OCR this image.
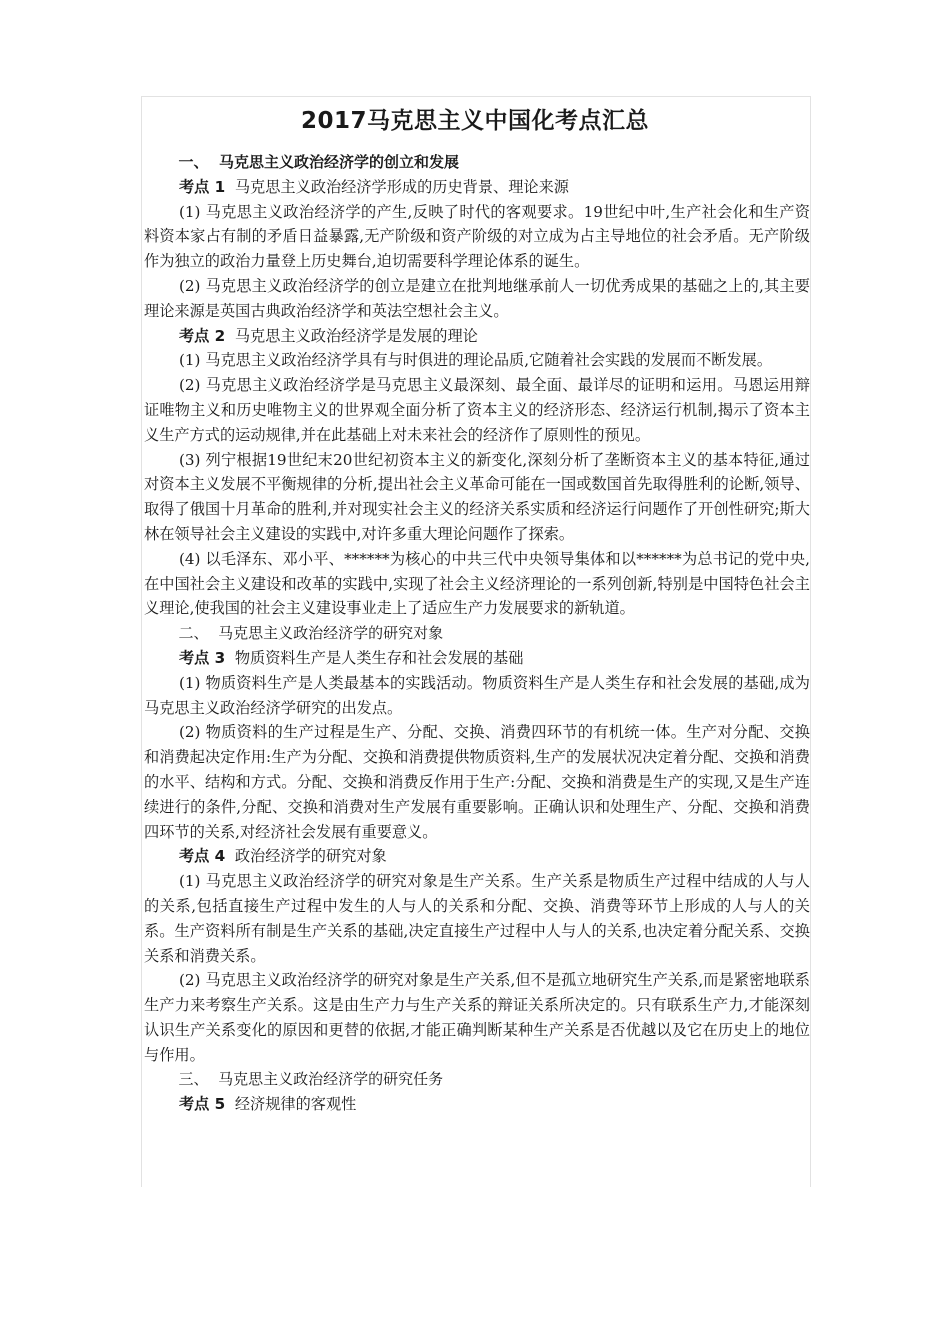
2017马克思主义中国化考点汇总

一、 马克思主义政治经济学的创立和发展

考点 1 马克思主义政治经济学形成的历史背景、理论来源

(1) 马克思主义政治经济学的产生,反映了时代的客观要求。19世纪中叶,生产社会化和生产资料资本家占有制的矛盾日益暴露,无产阶级和资产阶级的对立成为占主导地位的社会矛盾。无产阶级作为独立的政治力量登上历史舞台,迫切需要科学理论体系的诞生。

(2) 马克思主义政治经济学的创立是建立在批判地继承前人一切优秀成果的基础之上的,其主要理论来源是英国古典政治经济学和英法空想社会主义。

考点 2 马克思主义政治经济学是发展的理论

(1) 马克思主义政治经济学具有与时俱进的理论品质,它随着社会实践的发展而不断发展。

(2) 马克思主义政治经济学是马克思主义最深刻、最全面、最详尽的证明和运用。马恩运用辩证唯物主义和历史唯物主义的世界观全面分析了资本主义的经济形态、经济运行机制,揭示了资本主义生产方式的运动规律,并在此基础上对未来社会的经济作了原则性的预见。

(3) 列宁根据19世纪末20世纪初资本主义的新变化,深刻分析了垄断资本主义的基本特征,通过对资本主义发展不平衡规律的分析,提出社会主义革命可能在一国或数国首先取得胜利的论断,领导、取得了俄国十月革命的胜利,并对现实社会主义的经济关系实质和经济运行问题作了开创性研究;斯大林在领导社会主义建设的实践中,对许多重大理论问题作了探索。

(4) 以毛泽东、邓小平、******为核心的中共三代中央领导集体和以******为总书记的党中央,在中国社会主义建设和改革的实践中,实现了社会主义经济理论的一系列创新,特别是中国特色社会主义理论,使我国的社会主义建设事业走上了适应生产力发展要求的新轨道。

二、 马克思主义政治经济学的研究对象

考点 3 物质资料生产是人类生存和社会发展的基础

(1) 物质资料生产是人类最基本的实践活动。物质资料生产是人类生存和社会发展的基础,成为马克思主义政治经济学研究的出发点。

(2) 物质资料的生产过程是生产、分配、交换、消费四环节的有机统一体。生产对分配、交换和消费起决定作用:生产为分配、交换和消费提供物质资料,生产的发展状况决定着分配、交换和消费的水平、结构和方式。分配、交换和消费反作用于生产:分配、交换和消费是生产的实现,又是生产连续进行的条件,分配、交换和消费对生产发展有重要影响。正确认识和处理生产、分配、交换和消费四环节的关系,对经济社会发展有重要意义。

考点 4 政治经济学的研究对象

(1) 马克思主义政治经济学的研究对象是生产关系。生产关系是物质生产过程中结成的人与人的关系,包括直接生产过程中发生的人与人的关系和分配、交换、消费等环节上形成的人与人的关系。生产资料所有制是生产关系的基础,决定直接生产过程中人与人的关系,也决定着分配关系、交换关系和消费关系。

(2) 马克思主义政治经济学的研究对象是生产关系,但不是孤立地研究生产关系,而是紧密地联系生产力来考察生产关系。这是由生产力与生产关系的辩证关系所决定的。只有联系生产力,才能深刻认识生产关系变化的原因和更替的依据,才能正确判断某种生产关系是否优越以及它在历史上的地位与作用。

三、 马克思主义政治经济学的研究任务

考点 5 经济规律的客观性
